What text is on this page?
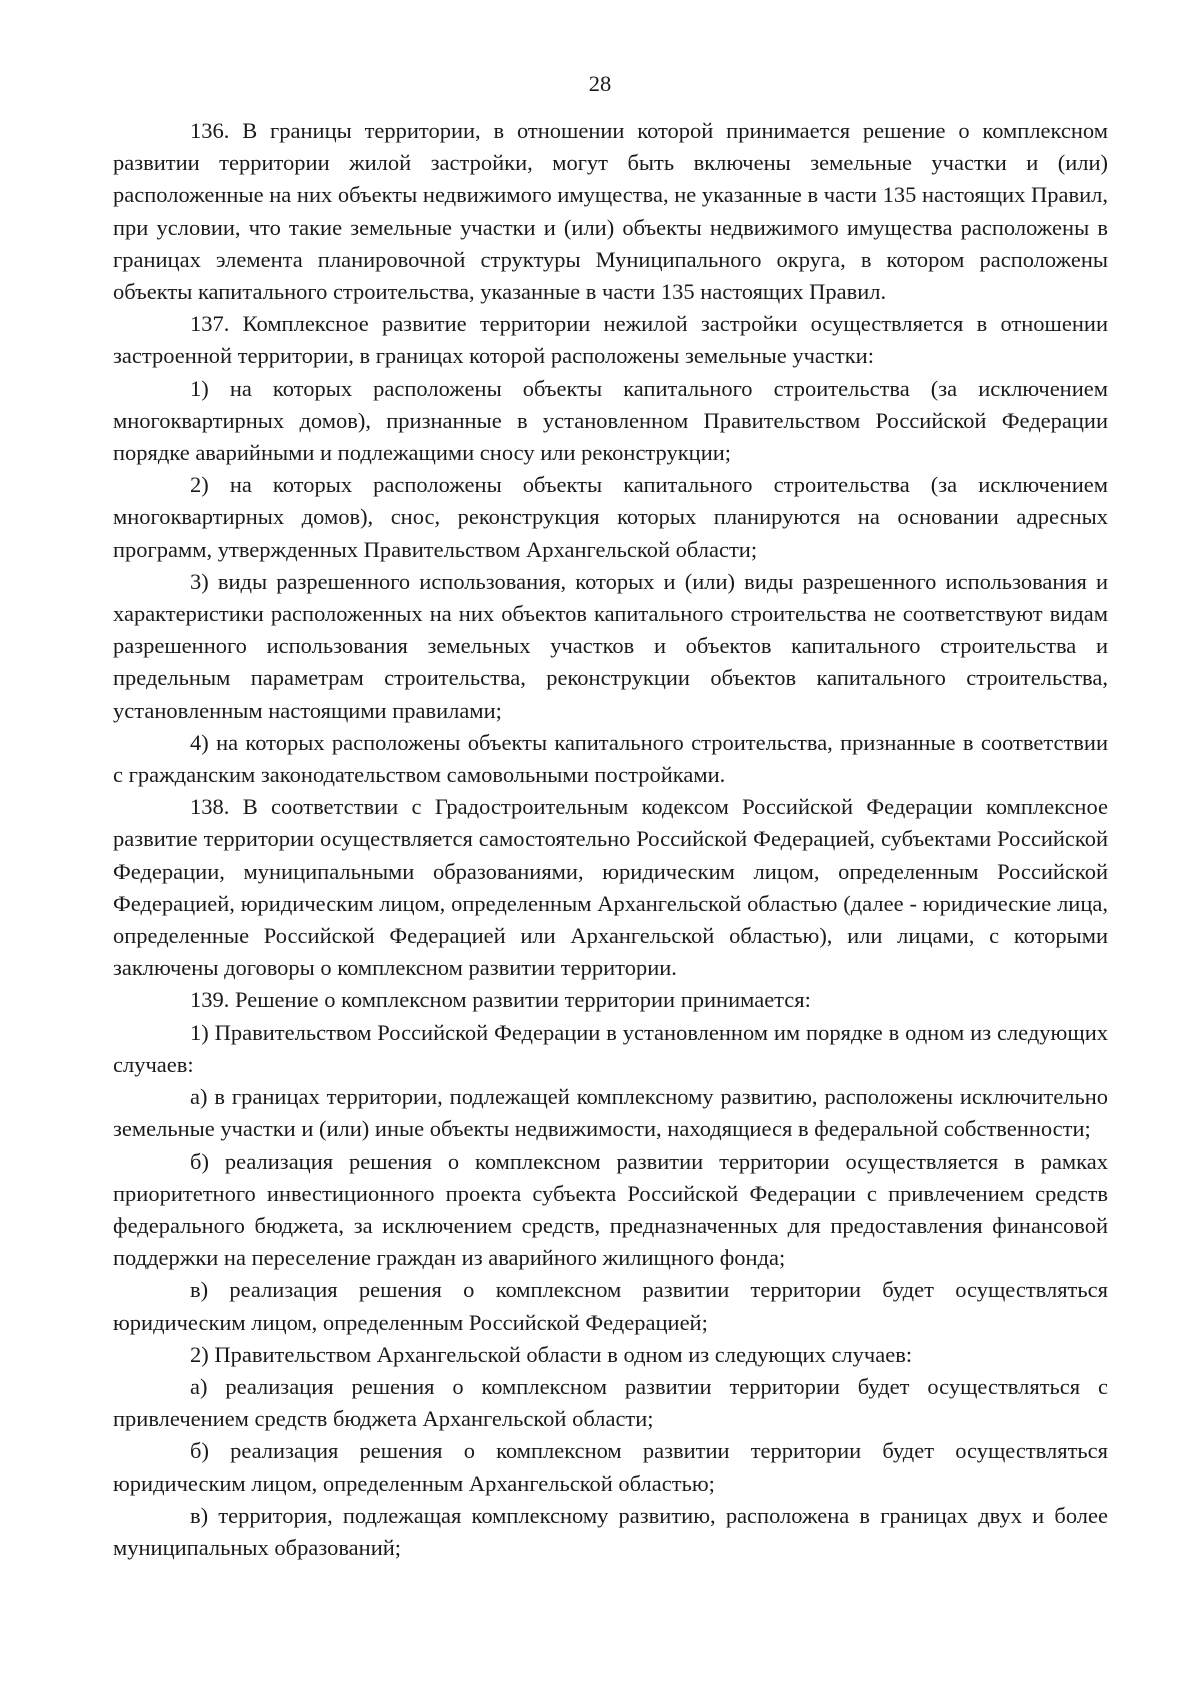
28

136. В границы территории, в отношении которой принимается решение о комплексном развитии территории жилой застройки, могут быть включены земельные участки и (или) расположенные на них объекты недвижимого имущества, не указанные в части 135 настоящих Правил, при условии, что такие земельные участки и (или) объекты недвижимого имущества расположены в границах элемента планировочной структуры Муниципального округа, в котором расположены объекты капитального строительства, указанные в части 135 настоящих Правил.

137. Комплексное развитие территории нежилой застройки осуществляется в отношении застроенной территории, в границах которой расположены земельные участки:

1) на которых расположены объекты капитального строительства (за исключением многоквартирных домов), признанные в установленном Правительством Российской Федерации порядке аварийными и подлежащими сносу или реконструкции;

2) на которых расположены объекты капитального строительства (за исключением многоквартирных домов), снос, реконструкция которых планируются на основании адресных программ, утвержденных Правительством Архангельской области;

3) виды разрешенного использования, которых и (или) виды разрешенного использования и характеристики расположенных на них объектов капитального строительства не соответствуют видам разрешенного использования земельных участков и объектов капитального строительства и предельным параметрам строительства, реконструкции объектов капитального строительства, установленным настоящими правилами;

4) на которых расположены объекты капитального строительства, признанные в соответствии с гражданским законодательством самовольными постройками.

138. В соответствии с Градостроительным кодексом Российской Федерации комплексное развитие территории осуществляется самостоятельно Российской Федерацией, субъектами Российской Федерации, муниципальными образованиями, юридическим лицом, определенным Российской Федерацией, юридическим лицом, определенным Архангельской областью (далее - юридические лица, определенные Российской Федерацией или Архангельской областью), или лицами, с которыми заключены договоры о комплексном развитии территории.

139. Решение о комплексном развитии территории принимается:

1) Правительством Российской Федерации в установленном им порядке в одном из следующих случаев:

а) в границах территории, подлежащей комплексному развитию, расположены исключительно земельные участки и (или) иные объекты недвижимости, находящиеся в федеральной собственности;

б) реализация решения о комплексном развитии территории осуществляется в рамках приоритетного инвестиционного проекта субъекта Российской Федерации с привлечением средств федерального бюджета, за исключением средств, предназначенных для предоставления финансовой поддержки на переселение граждан из аварийного жилищного фонда;

в) реализация решения о комплексном развитии территории будет осуществляться юридическим лицом, определенным Российской Федерацией;

2) Правительством Архангельской области в одном из следующих случаев:

а) реализация решения о комплексном развитии территории будет осуществляться с привлечением средств бюджета Архангельской области;

б) реализация решения о комплексном развитии территории будет осуществляться юридическим лицом, определенным Архангельской областью;

в) территория, подлежащая комплексному развитию, расположена в границах двух и более муниципальных образований;
